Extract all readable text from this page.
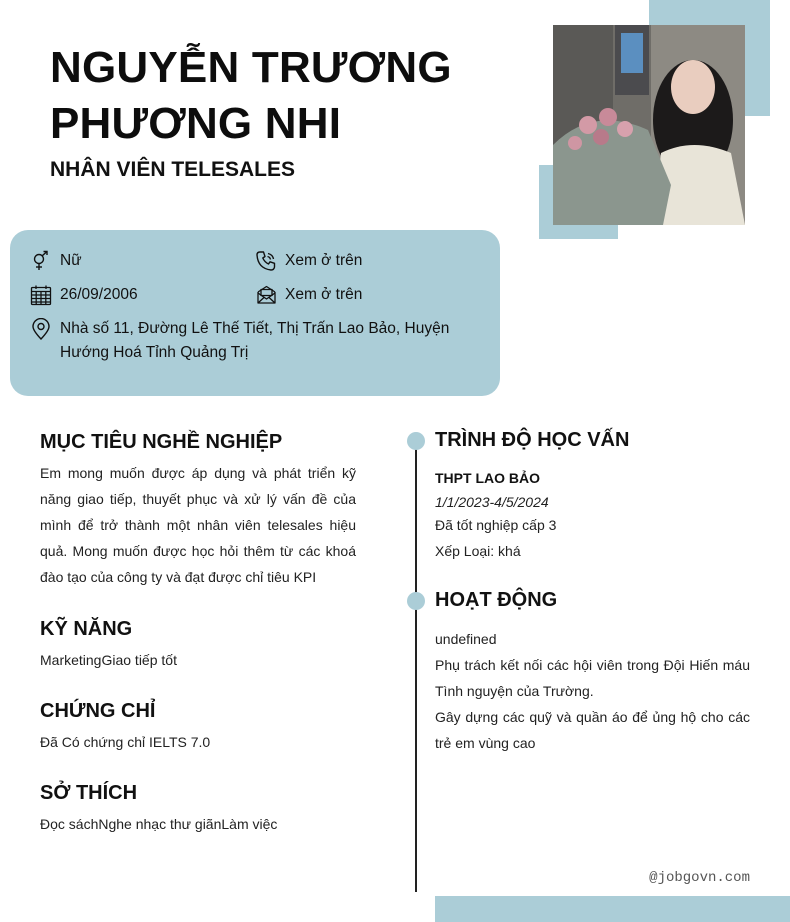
NGUYỄN TRƯƠNG
PHƯƠNG NHI
NHÂN VIÊN TELESALES
Nữ	Xem ở trên
26/09/2006	Xem ở trên
Nhà số 11, Đường Lê Thế Tiết, Thị Trấn Lao Bảo, Huyện Hướng Hoá Tỉnh Quảng Trị
MỤC TIÊU NGHỀ NGHIỆP
Em mong muốn được áp dụng và phát triển kỹ năng giao tiếp, thuyết phục và xử lý vấn đề của mình để trở thành một nhân viên telesales hiệu quả. Mong muốn được học hỏi thêm từ các khoá đào tạo của công ty và đạt được chỉ tiêu KPI
KỸ NĂNG
MarketingGiao tiếp tốt
CHỨNG CHỈ
Đã Có chứng chỉ IELTS 7.0
SỞ THÍCH
Đọc sáchNghe nhạc thư giãnLàm việc
TRÌNH ĐỘ HỌC VẤN
THPT LAO BẢO
1/1/2023-4/5/2024
Đã tốt nghiệp cấp 3
Xếp Loại: khá
HOẠT ĐỘNG
undefined
Phụ trách kết nối các hội viên trong Đội Hiến máu Tình nguyện của Trường.
Gây dựng các quỹ và quần áo để ủng hộ cho các trẻ em vùng cao
@jobgovn.com
